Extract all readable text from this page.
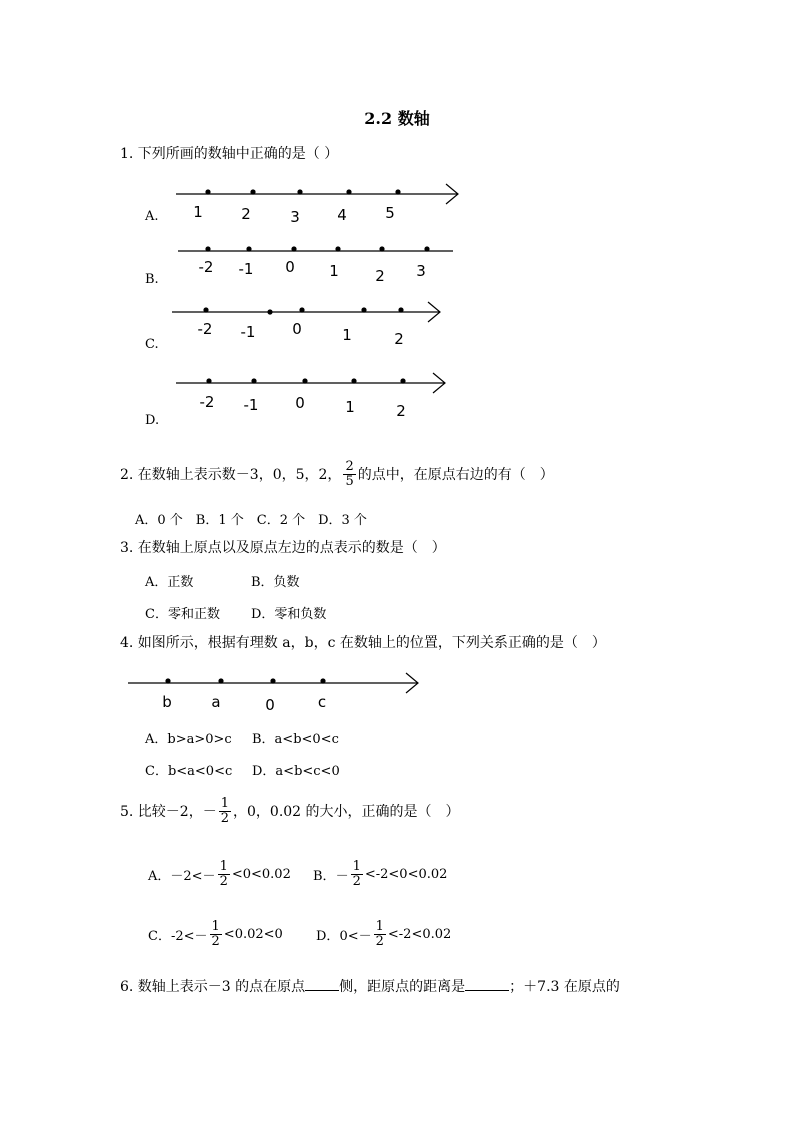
2.2 数轴
1. 下列所画的数轴中正确的是（ ）
A. 1	2	3 4	5
-2 -1 0 1 2 3
-2 -1 0	1	2
-2 -1 0	1	2
b	a	0	c
B.
C.
D.
2. 在数轴上表示数－3，0，5，2， $\frac{2}{5}$ 的点中，在原点右边的有（　）
A．0 个　B．1 个　C．2 个　D．3 个
3. 在数轴上原点以及原点左边的点表示的数是（　）
A．正数	B．负数
C．零和正数 D．零和负数
4. 如图所示，根据有理数 a，b，c 在数轴上的位置，下列关系正确的是（　）
A．b>a>0>c B．a<b<0<c
C．b<a<0<c D．a<b<c<0
5. 比较－2，－ $\frac{1}{2}$ ，0，0.02 的大小，正确的是（　）
A． $-2<- \frac{1}{2} <0<0.02$ B． － $\frac{1}{2} <-2<0<0.02$
C． $-2<- \frac{1}{2} <0.02<0$	D． $0<- \frac{1}{2} <-2<0.02$
6. 数轴上表示－3 的点在原点 侧，距原点的距离是	；＋7.3 在原点的
